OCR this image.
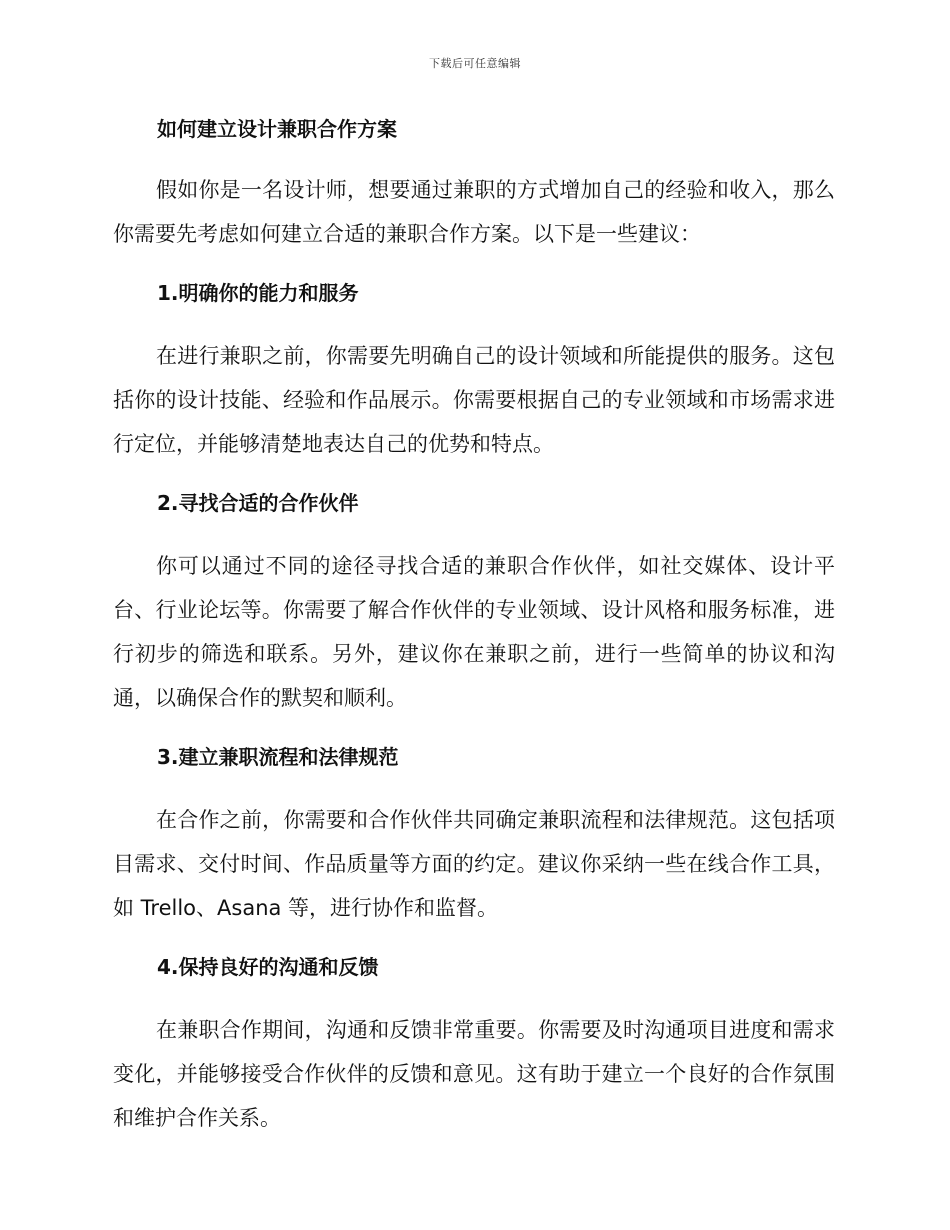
下载后可任意编辑
如何建立设计兼职合作方案

假如你是一名设计师，想要通过兼职的方式增加自己的经验和收入，那么你需要先考虑如何建立合适的兼职合作方案。以下是一些建议：

1.明确你的能力和服务

在进行兼职之前，你需要先明确自己的设计领域和所能提供的服务。这包括你的设计技能、经验和作品展示。你需要根据自己的专业领域和市场需求进行定位，并能够清楚地表达自己的优势和特点。

2.寻找合适的合作伙伴

你可以通过不同的途径寻找合适的兼职合作伙伴，如社交媒体、设计平台、行业论坛等。你需要了解合作伙伴的专业领域、设计风格和服务标准，进行初步的筛选和联系。另外，建议你在兼职之前，进行一些简单的协议和沟通，以确保合作的默契和顺利。

3.建立兼职流程和法律规范

在合作之前，你需要和合作伙伴共同确定兼职流程和法律规范。这包括项目需求、交付时间、作品质量等方面的约定。建议你采纳一些在线合作工具，如 Trello、Asana 等，进行协作和监督。

4.保持良好的沟通和反馈

在兼职合作期间，沟通和反馈非常重要。你需要及时沟通项目进度和需求变化，并能够接受合作伙伴的反馈和意见。这有助于建立一个良好的合作氛围和维护合作关系。
